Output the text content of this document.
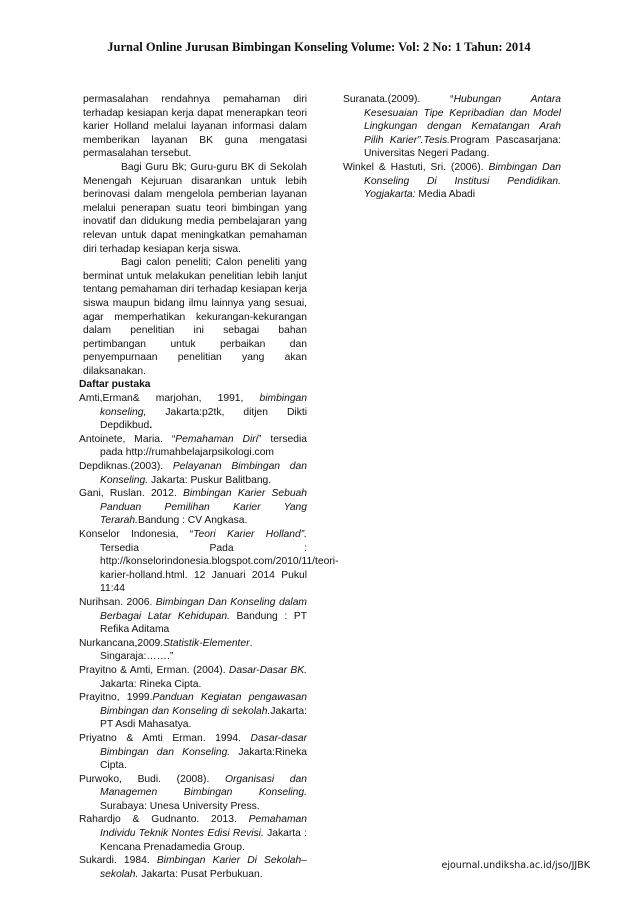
Jurnal Online Jurusan Bimbingan Konseling Volume: Vol: 2 No: 1 Tahun: 2014

permasalahan rendahnya pemahaman diri terhadap kesiapan kerja dapat menerapkan teori karier Holland melalui layanan informasi dalam memberikan layanan BK guna mengatasi permasalahan tersebut.

Bagi Guru Bk; Guru-guru BK di Sekolah Menengah Kejuruan disarankan untuk lebih berinovasi dalam mengelola pemberian layanan melalui penerapan suatu teori bimbingan yang inovatif dan didukung media pembelajaran yang relevan untuk dapat meningkatkan pemahaman diri terhadap kesiapan kerja siswa.

Bagi calon peneliti; Calon peneliti yang berminat untuk melakukan penelitian lebih lanjut tentang pemahaman diri terhadap kesiapan kerja siswa maupun bidang ilmu lainnya yang sesuai, agar memperhatikan kekurangan-kekurangan dalam penelitian ini sebagai bahan pertimbangan untuk perbaikan dan penyempurnaan penelitian yang akan dilaksanakan.

Daftar pustaka

Amti,Erman& marjohan, 1991, bimbingan konseling, Jakarta:p2tk, ditjen Dikti Depdikbud.

Antoinete, Maria. “Pemahaman Diri” tersedia pada http://rumahbelajarpsikologi.com

Depdiknas.(2003). Pelayanan Bimbingan dan Konseling. Jakarta: Puskur Balitbang.

Gani, Ruslan. 2012. Bimbingan Karier Sebuah Panduan Pemilihan Karier Yang Terarah.Bandung : CV Angkasa.

Konselor Indonesia, “Teori Karier Holland”. Tersedia Pada : http://konselorindonesia.blogspot.com/2010/11/teori-karier-holland.html. 12 Januari 2014 Pukul 11:44

Nurihsan. 2006. Bimbingan Dan Konseling dalam Berbagai Latar Kehidupan. Bandung : PT Refika Aditama

Nurkancana,2009.Statistik-Elementer. Singaraja:…….”

Prayitno & Amti, Erman. (2004). Dasar-Dasar BK. Jakarta: Rineka Cipta.

Prayitno, 1999.Panduan Kegiatan pengawasan Bimbingan dan Konseling di sekolah.Jakarta: PT Asdi Mahasatya.

Priyatno & Amti Erman. 1994. Dasar-dasar Bimbingan dan Konseling. Jakarta:Rineka Cipta.

Purwoko, Budi. (2008). Organisasi dan Managemen Bimbingan Konseling. Surabaya: Unesa University Press.

Rahardjo & Gudnanto. 2013. Pemahaman Individu Teknik Nontes Edisi Revisi. Jakarta : Kencana Prenadamedia Group.

Sukardi. 1984. Bimbingan Karier Di Sekolah–sekolah. Jakarta: Pusat Perbukuan.

Suranata.(2009). “Hubungan Antara Kesesuaian Tipe Kepribadian dan Model Lingkungan dengan Kematangan Arah Pilih Karier”.Tesis.Program Pascasarjana: Universitas Negeri Padang.

Winkel & Hastuti, Sri. (2006). Bimbingan Dan Konseling Di Institusi Pendidikan. Yogjakarta: Media Abadi

ejournal.undiksha.ac.id/jso/JJBK
